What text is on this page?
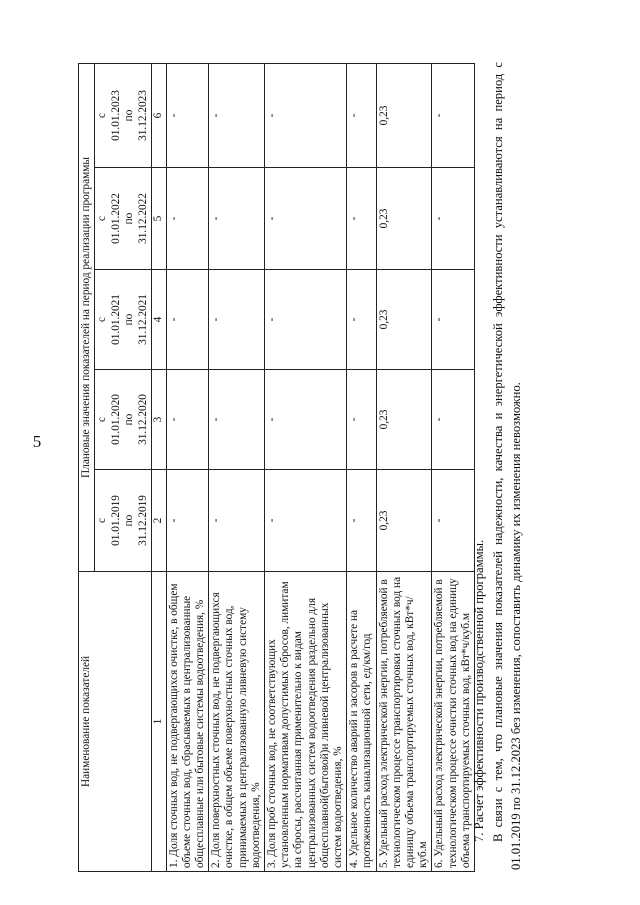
5
Наименование показателей	Плановые значения показателей на период реализации программы				

	с 01.01.2019 по 31.12.2019	с 01.01.2020 по 31.12.2020	с 01.01.2021 по 31.12.2021	с 01.01.2022 по 31.12.2022	с 01.01.2023 по 31.12.2023

1	2	3	4	5	6
1. Доля сточных вод, не подвергающихся очистке, в общем объеме сточных вод, сбрасываемых в централизованные общесплавные или бытовые системы водоотведения, %	-	-	-	-	-
2. Доля поверхностных сточных вод, не подвергающихся очистке, в общем объеме поверхностных сточных вод, принимаемых в централизованную ливневую систему водоотведения, %	-	-	-	-	-
3. Доля проб сточных вод, не соответствующих установленным нормативам допустимых сбросов, лимитам на сбросы, рассчитанная применительно к видам централизованных систем водоотведения раздельно для общесплавной(бытовой)и ливневой централизованных систем водоотведения, %	-	-	-	-	-
4. Удельное количество аварий и засоров в расчете на протяженность канализационной сети, ед/км/год	-	-	-	-	-
5. Удельный расход электрической энергии, потребляемой в технологическом процессе транспортировки сточных вод на единицу объема транспортируемых сточных вод, кВт*ч/куб.м	0,23	0,23	0,23	0,23	0,23
6. Удельный расход электрической энергии, потребляемой в технологическом процессе очистки сточных вод на единицу объема транспортируемых сточных вод, кВт*ч/куб.м	-	-	-	-	-

7. Расчет эффективности производственной программы. В связи с тем, что плановые значения показателей надежности, качества и энергетической эффективности устанавливаются на период с 01.01.2019 по 31.12.2023 без изменения, сопоставить динамику их изменения невозможно.
